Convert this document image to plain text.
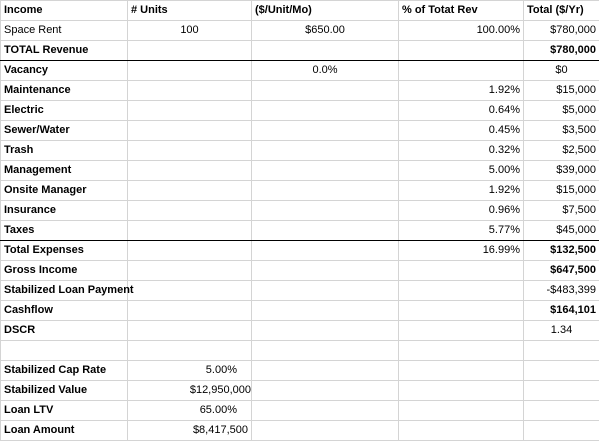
Income	# Units	($/Unit/Mo)	% of Totat Rev	Total ($/Yr)
Space Rent	100	$650.00	100.00%	$780,000
TOTAL Revenue				$780,000
Vacancy		0.0%		$0
Maintenance			1.92%	$15,000
Electric			0.64%	$5,000
Sewer/Water			0.45%	$3,500
Trash			0.32%	$2,500
Management			5.00%	$39,000
Onsite Manager			1.92%	$15,000
Insurance			0.96%	$7,500
Taxes			5.77%	$45,000
Total Expenses			16.99%	$132,500
Gross Income				$647,500
Stabilized Loan Payment				-$483,399
Cashflow				$164,101
DSCR				1.34

Stabilized Cap Rate	5.00%			
Stabilized Value	$12,950,000			
Loan LTV	65.00%			
Loan Amount	$8,417,500			
